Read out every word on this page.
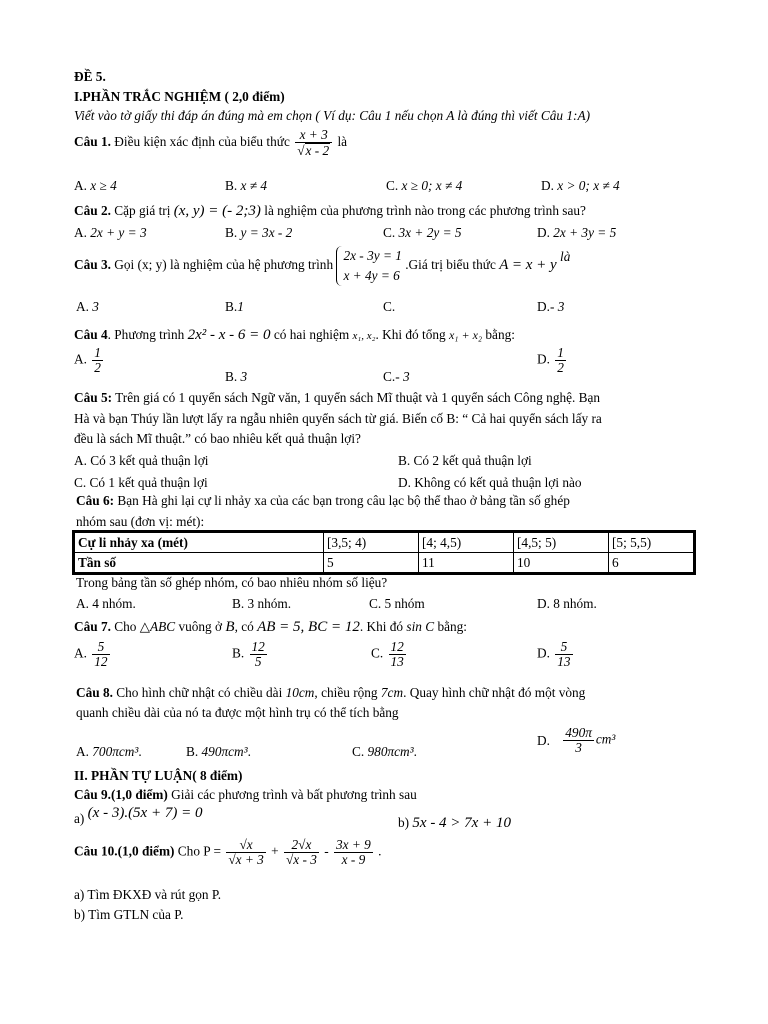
ĐỀ 5.
I.PHẦN TRẮC NGHIỆM ( 2,0 điểm)
Viết vào tờ giấy thi đáp án đúng mà em chọn ( Ví dụ: Câu 1 nếu chọn A là đúng thì viết Câu 1:A)
Câu 1. Điều kiện xác định của biểu thức $\frac{x + 3}{√x - 2}$ là
A. x ≥ 4	B. x ≠ 4	C. x ≥ 0; x ≠ 4	D. x > 0; x ≠ 4
Câu 2. Cặp giá trị (x, y) = (- 2;3) là nghiệm của phương trình nào trong các phương trình sau?
A. 2x + y = 3	B. y = 3x - 2	C. 3x + 2y = 5	D. 2x + 3y = 5
Câu 3. Gọi (x; y) là nghiệm của hệ phương trình
2x - 3y = 1
x + 4y = 6
.Giá trị biểu thức A = x + y là
A. 3	B.1	C.	D.- 3
Câu 4. Phương trình 2x² - x - 6 = 0 có hai nghiệm x₁, x₂. Khi đó tổng x₁ + x₂ bằng:
A. $\frac{1}{2}$
B. 3	C.- 3
D. $\frac{1}{2}$
Câu 5: Trên giá có 1 quyển sách Ngữ văn, 1 quyển sách Mĩ thuật và 1 quyển sách Công nghệ. Bạn
Hà và bạn Thúy lần lượt lấy ra ngẫu nhiên quyển sách từ giá. Biến cố B: “ Cả hai quyển sách lấy ra
đều là sách Mĩ thuật.” có bao nhiêu kết quả thuận lợi?
A. Có 3 kết quả thuận lợi	B. Có 2 kết quả thuận lợi
C. Có 1 kết quả thuận lợi	D. Không có kết quả thuận lợi nào
Câu 6: Bạn Hà ghi lại cự li nhảy xa của các bạn trong câu lạc bộ thể thao ở bảng tần số ghép
nhóm sau (đơn vị: mét):
Cự li nhảy xa (mét)	[3,5; 4)	[4; 4,5)	[4,5; 5)	[5; 5,5)
Tần số	5	11	10	6
Trong bảng tần số ghép nhóm, có bao nhiêu nhóm số liệu?
A. 4 nhóm.	B. 3 nhóm.	C. 5 nhóm	D. 8 nhóm.
Câu 7. Cho △ABC vuông ở B, có AB = 5, BC = 12. Khi đó sin C bằng:
A. $\frac{5}{12}$	B. $\frac{12}{5}$	C. $\frac{12}{13}$	D. $\frac{5}{13}$
Câu 8. Cho hình chữ nhật có chiều dài 10cm, chiều rộng 7cm. Quay hình chữ nhật đó một vòng
quanh chiều dài của nó ta được một hình trụ có thể tích bằng
A. 700πcm³.	B. 490πcm³.	C. 980πcm³.
D. $\frac{490\pi}{3} cm^3$
II. PHẦN TỰ LUẬN( 8 điểm)
Câu 9.(1,0 điểm) Giải các phương trình và bất phương trình sau
a) (x - 3).(5x + 7) = 0
b) 5x - 4 > 7x + 10
Câu 10.(1,0 điểm) Cho $P = \frac{√x}{√x + 3} + \frac{2√x}{√x - 3} - \frac{3x + 9}{x - 9}$ .
a) Tìm ĐKXĐ và rút gọn P.
b) Tìm GTLN của P.
